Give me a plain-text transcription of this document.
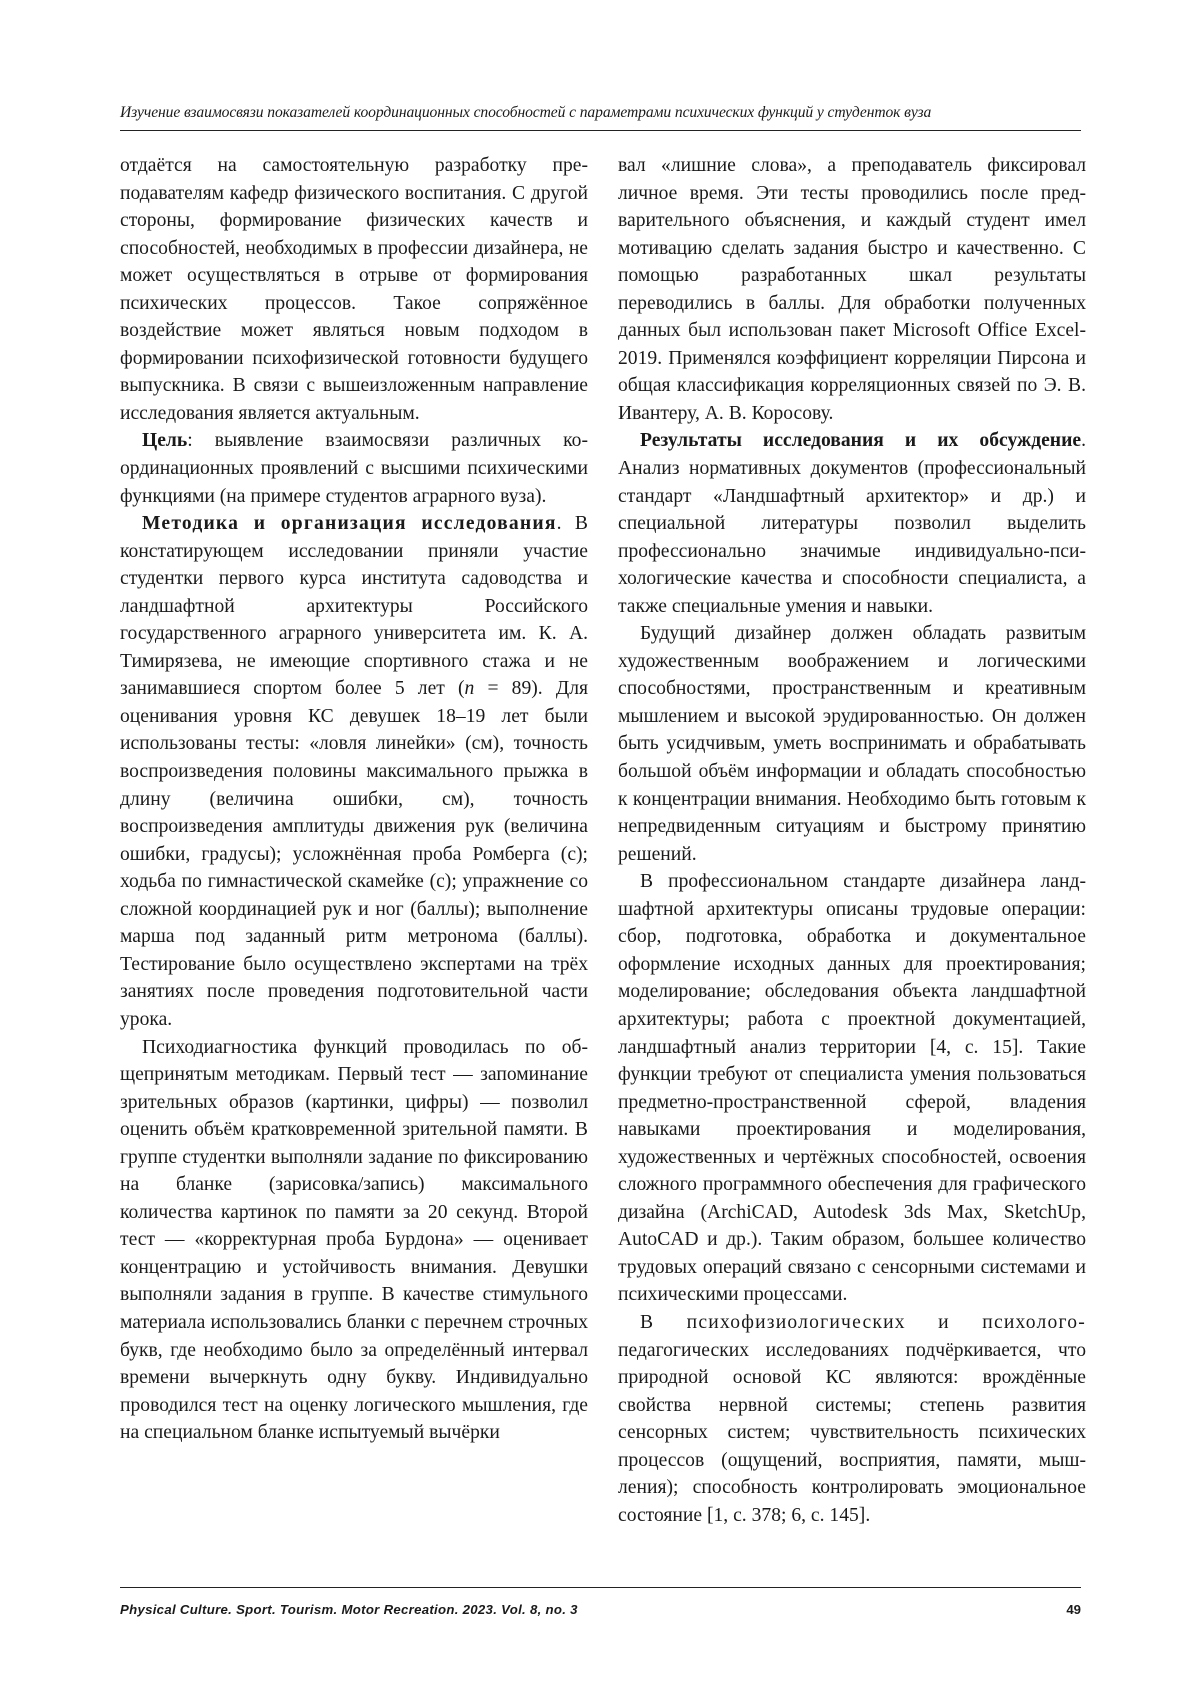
Изучение взаимосвязи показателей координационных способностей с параметрами психических функций у студенток вуза

отдаётся на самостоятельную разработку преподавателям кафедр физического воспитания. С другой стороны, формирование физических качеств и способностей, необходимых в профессии дизайнера, не может осуществляться в отрыве от формирования психических процессов. Такое сопряжённое воздействие может являться новым подходом в формировании психофизической готовности будущего выпускника. В связи с вышеизложенным направление исследования является актуальным.

Цель: выявление взаимосвязи различных координационных проявлений с высшими психическими функциями (на примере студентов аграрного вуза).

Методика и организация исследования. В констатирующем исследовании приняли участие студентки первого курса института садоводства и ландшафтной архитектуры Российского государственного аграрного университета им. К. А. Тимирязева, не имеющие спортивного стажа и не занимавшиеся спортом более 5 лет (n = 89). Для оценивания уровня КС девушек 18–19 лет были использованы тесты: «ловля линейки» (см), точность воспроизведения половины максимального прыжка в длину (величина ошибки, см), точность воспроизведения амплитуды движения рук (величина ошибки, градусы); усложнённая проба Ромберга (с); ходьба по гимнастической скамейке (с); упражнение со сложной координацией рук и ног (баллы); выполнение марша под заданный ритм метронома (баллы). Тестирование было осуществлено экспертами на трёх занятиях после проведения подготовительной части урока.

Психодиагностика функций проводилась по общепринятым методикам. Первый тест — запоминание зрительных образов (картинки, цифры) — позволил оценить объём кратковременной зрительной памяти. В группе студентки выполняли задание по фиксированию на бланке (зарисовка/запись) максимального количества картинок по памяти за 20 секунд. Второй тест — «корректурная проба Бурдона» — оценивает концентрацию и устойчивость внимания. Девушки выполняли задания в группе. В качестве стимульного материала использовались бланки с перечнем строчных букв, где необходимо было за определённый интервал времени вычеркнуть одну букву. Индивидуально проводился тест на оценку логического мышления, где на специальном бланке испытуемый вычёрки

вал «лишние слова», а преподаватель фиксировал личное время. Эти тесты проводились после предварительного объяснения, и каждый студент имел мотивацию сделать задания быстро и качественно. С помощью разработанных шкал результаты переводились в баллы. Для обработки полученных данных был использован пакет Microsoft Office Excel-2019. Применялся коэффициент корреляции Пирсона и общая классификация корреляционных связей по Э. В. Ивантеру, А. В. Коросову.

Результаты исследования и их обсуждение. Анализ нормативных документов (профессиональный стандарт «Ландшафтный архитектор» и др.) и специальной литературы позволил выделить профессионально значимые индивидуально-психологические качества и способности специалиста, а также специальные умения и навыки.

Будущий дизайнер должен обладать развитым художественным воображением и логическими способностями, пространственным и креативным мышлением и высокой эрудированностью. Он должен быть усидчивым, уметь воспринимать и обрабатывать большой объём информации и обладать способностью к концентрации внимания. Необходимо быть готовым к непредвиденным ситуациям и быстрому принятию решений.

В профессиональном стандарте дизайнера ландшафтной архитектуры описаны трудовые операции: сбор, подготовка, обработка и документальное оформление исходных данных для проектирования; моделирование; обследования объекта ландшафтной архитектуры; работа с проектной документацией, ландшафтный анализ территории [4, с. 15]. Такие функции требуют от специалиста умения пользоваться предметно-пространственной сферой, владения навыками проектирования и моделирования, художественных и чертёжных способностей, освоения сложного программного обеспечения для графического дизайна (ArchiCAD, Autodesk 3ds Max, SketchUp, AutoCAD и др.). Таким образом, большее количество трудовых операций связано с сенсорными системами и психическими процессами.

В психофизиологических и психолого- педагогических исследованиях подчёркивается, что природной основой КС являются: врождённые свойства нервной системы; степень развития сенсорных систем; чувствительность психических процессов (ощущений, восприятия, памяти, мышления); способность контролировать эмоциональное состояние [1, с. 378; 6, с. 145].

Physical Culture. Sport. Tourism. Motor Recreation. 2023. Vol. 8, no. 3	49
